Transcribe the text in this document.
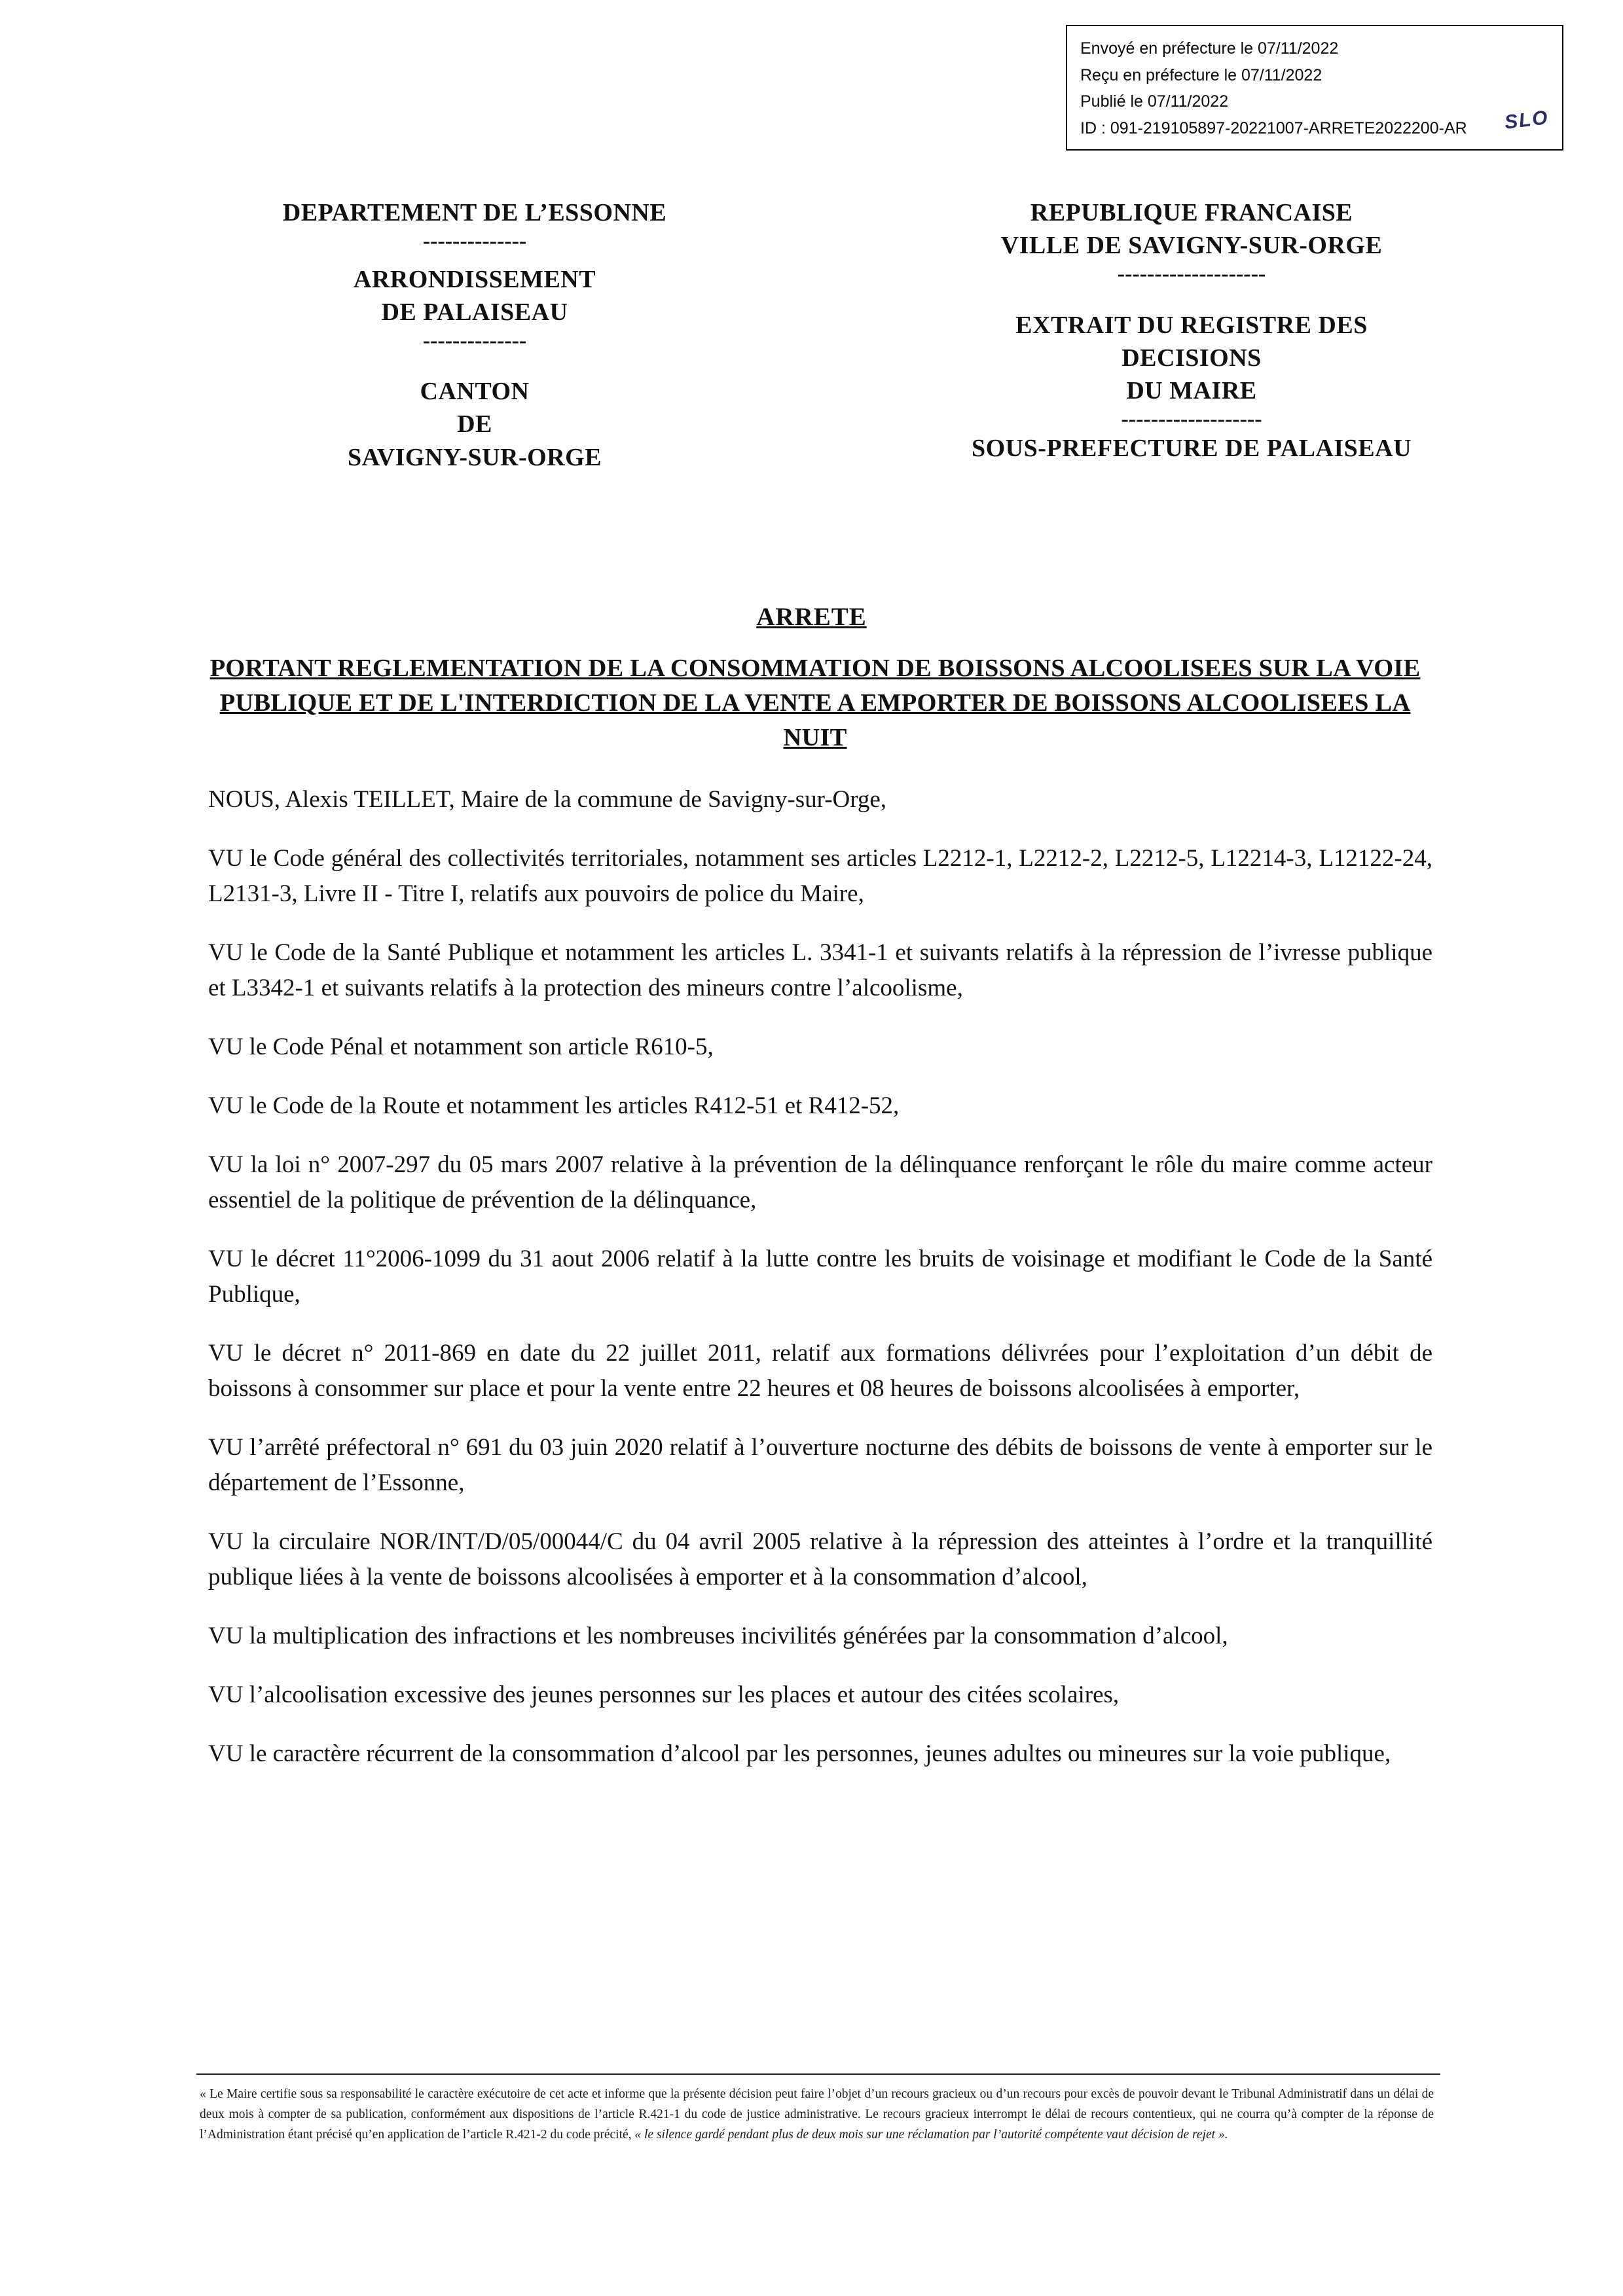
Envoyé en préfecture le 07/11/2022
Reçu en préfecture le 07/11/2022
Publié le 07/11/2022
ID : 091-219105897-20221007-ARRETE2022200-AR	SLO
DEPARTEMENT DE L’ESSONNE
--------------
ARRONDISSEMENT
DE PALAISEAU
--------------
CANTON
DE
SAVIGNY-SUR-ORGE
REPUBLIQUE FRANCAISE
VILLE DE SAVIGNY-SUR-ORGE
--------------------
EXTRAIT DU REGISTRE DES
DECISIONS
DU MAIRE
-------------------
SOUS-PREFECTURE DE PALAISEAU
ARRETE
PORTANT REGLEMENTATION DE LA CONSOMMATION DE BOISSONS ALCOOLISEES SUR LA VOIE PUBLIQUE ET DE L'INTERDICTION DE LA VENTE A EMPORTER DE BOISSONS ALCOOLISEES LA NUIT

NOUS, Alexis TEILLET, Maire de la commune de Savigny-sur-Orge,

VU le Code général des collectivités territoriales, notamment ses articles L2212-1, L2212-2, L2212-5, L12214-3, L12122-24, L2131-3, Livre II - Titre I, relatifs aux pouvoirs de police du Maire,

VU le Code de la Santé Publique et notamment les articles L. 3341-1 et suivants relatifs à la répression de l’ivresse publique et L3342-1 et suivants relatifs à la protection des mineurs contre l’alcoolisme,

VU le Code Pénal et notamment son article R610-5,

VU le Code de la Route et notamment les articles R412-51 et R412-52,

VU la loi n° 2007-297 du 05 mars 2007 relative à la prévention de la délinquance renforçant le rôle du maire comme acteur essentiel de la politique de prévention de la délinquance,

VU le décret 11°2006-1099 du 31 aout 2006 relatif à la lutte contre les bruits de voisinage et modifiant le Code de la Santé Publique,

VU le décret n° 2011-869 en date du 22 juillet 2011, relatif aux formations délivrées pour l’exploitation d’un débit de boissons à consommer sur place et pour la vente entre 22 heures et 08 heures de boissons alcoolisées à emporter,

VU l’arrêté préfectoral n° 691 du 03 juin 2020 relatif à l’ouverture nocturne des débits de boissons de vente à emporter sur le département de l’Essonne,

VU la circulaire NOR/INT/D/05/00044/C du 04 avril 2005 relative à la répression des atteintes à l’ordre et la tranquillité publique liées à la vente de boissons alcoolisées à emporter et à la consommation d’alcool,

VU la multiplication des infractions et les nombreuses incivilités générées par la consommation d’alcool,

VU l’alcoolisation excessive des jeunes personnes sur les places et autour des citées scolaires,

VU le caractère récurrent de la consommation d’alcool par les personnes, jeunes adultes ou mineures sur la voie publique,

« Le Maire certifie sous sa responsabilité le caractère exécutoire de cet acte et informe que la présente décision peut faire l’objet d’un recours gracieux ou d’un recours pour excès de pouvoir devant le Tribunal Administratif dans un délai de deux mois à compter de sa publication, conformément aux dispositions de l’article R.421-1 du code de justice administrative. Le recours gracieux interrompt le délai de recours contentieux, qui ne courra qu’à compter de la réponse de l’Administration étant précisé qu’en application de l’article R.421-2 du code précité, « le silence gardé pendant plus de deux mois sur une réclamation par l’autorité compétente vaut décision de rejet ».
